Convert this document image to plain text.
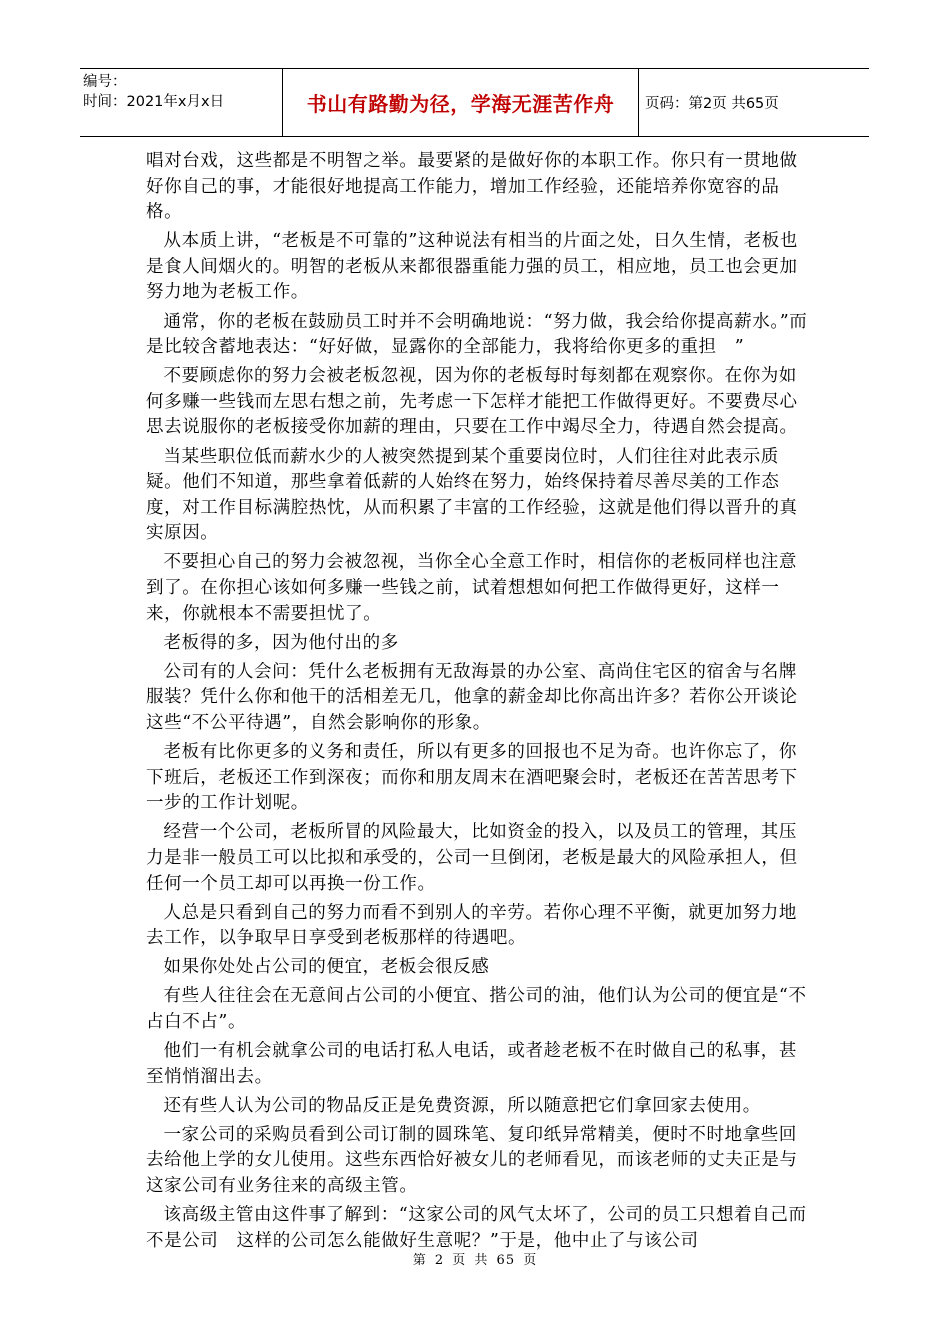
编号：
时间：2021年x月x日	书山有路勤为径，学海无涯苦作舟	页码：第2页 共65页

唱对台戏，这些都是不明智之举。最要紧的是做好你的本职工作。你只有一贯地做好你自己的事，才能很好地提高工作能力，增加工作经验，还能培养你宽容的品格。

从本质上讲，“老板是不可靠的”这种说法有相当的片面之处，日久生情，老板也是食人间烟火的。明智的老板从来都很器重能力强的员工，相应地，员工也会更加努力地为老板工作。

通常，你的老板在鼓励员工时并不会明确地说：“努力做，我会给你提高薪水。”而是比较含蓄地表达：“好好做，显露你的全部能力，我将给你更多的重担　”

不要顾虑你的努力会被老板忽视，因为你的老板每时每刻都在观察你。在你为如何多赚一些钱而左思右想之前，先考虑一下怎样才能把工作做得更好。不要费尽心思去说服你的老板接受你加薪的理由，只要在工作中竭尽全力，待遇自然会提高。

当某些职位低而薪水少的人被突然提到某个重要岗位时，人们往往对此表示质疑。他们不知道，那些拿着低薪的人始终在努力，始终保持着尽善尽美的工作态度，对工作目标满腔热忱，从而积累了丰富的工作经验，这就是他们得以晋升的真实原因。

不要担心自己的努力会被忽视，当你全心全意工作时，相信你的老板同样也注意到了。在你担心该如何多赚一些钱之前，试着想想如何把工作做得更好，这样一来，你就根本不需要担忧了。

老板得的多，因为他付出的多

公司有的人会问：凭什么老板拥有无敌海景的办公室、高尚住宅区的宿舍与名牌服装？凭什么你和他干的活相差无几，他拿的薪金却比你高出许多？若你公开谈论这些“不公平待遇”，自然会影响你的形象。

老板有比你更多的义务和责任，所以有更多的回报也不足为奇。也许你忘了，你下班后，老板还工作到深夜；而你和朋友周末在酒吧聚会时，老板还在苦苦思考下一步的工作计划呢。

经营一个公司，老板所冒的风险最大，比如资金的投入，以及员工的管理，其压力是非一般员工可以比拟和承受的，公司一旦倒闭，老板是最大的风险承担人，但任何一个员工却可以再换一份工作。

人总是只看到自己的努力而看不到别人的辛劳。若你心理不平衡，就更加努力地去工作，以争取早日享受到老板那样的待遇吧。

如果你处处占公司的便宜，老板会很反感

有些人往往会在无意间占公司的小便宜、揩公司的油，他们认为公司的便宜是“不占白不占”。

他们一有机会就拿公司的电话打私人电话，或者趁老板不在时做自己的私事，甚至悄悄溜出去。

还有些人认为公司的物品反正是免费资源，所以随意把它们拿回家去使用。

一家公司的采购员看到公司订制的圆珠笔、复印纸异常精美，便时不时地拿些回去给他上学的女儿使用。这些东西恰好被女儿的老师看见，而该老师的丈夫正是与这家公司有业务往来的高级主管。

该高级主管由这件事了解到：“这家公司的风气太坏了，公司的员工只想着自己而不是公司　这样的公司怎么能做好生意呢？”于是，他中止了与该公司

第 2 页 共 65 页
